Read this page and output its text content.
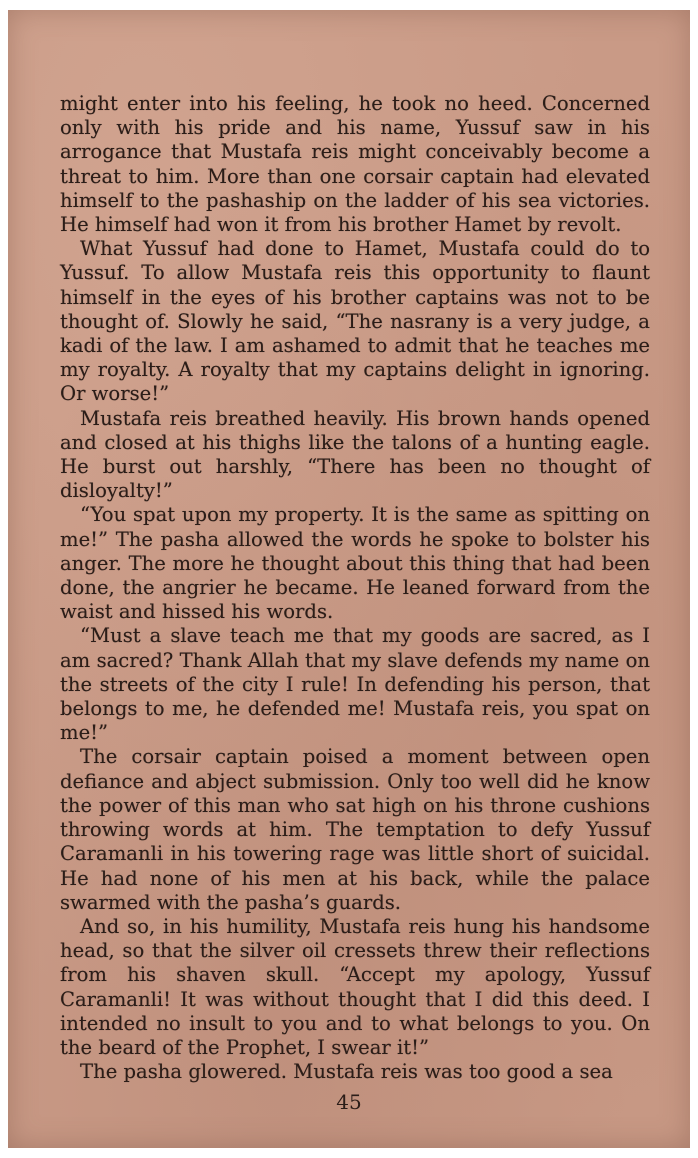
might enter into his feeling, he took no heed. Concerned only with his pride and his name, Yussuf saw in his arrogance that Mustafa reis might conceivably become a threat to him. More than one corsair captain had elevated himself to the pashaship on the ladder of his sea victories. He himself had won it from his brother Hamet by revolt.

What Yussuf had done to Hamet, Mustafa could do to Yussuf. To allow Mustafa reis this opportunity to flaunt himself in the eyes of his brother captains was not to be thought of. Slowly he said, “The nasrany is a very judge, a kadi of the law. I am ashamed to admit that he teaches me my royalty. A royalty that my captains delight in ignoring. Or worse!”

Mustafa reis breathed heavily. His brown hands opened and closed at his thighs like the talons of a hunting eagle. He burst out harshly, “There has been no thought of disloyalty!”

“You spat upon my property. It is the same as spitting on me!” The pasha allowed the words he spoke to bolster his anger. The more he thought about this thing that had been done, the angrier he became. He leaned forward from the waist and hissed his words.

“Must a slave teach me that my goods are sacred, as I am sacred? Thank Allah that my slave defends my name on the streets of the city I rule! In defending his person, that belongs to me, he defended me! Mustafa reis, you spat on me!”

The corsair captain poised a moment between open defiance and abject submission. Only too well did he know the power of this man who sat high on his throne cushions throwing words at him. The temptation to defy Yussuf Caramanli in his towering rage was little short of suicidal. He had none of his men at his back, while the palace swarmed with the pasha’s guards.

And so, in his humility, Mustafa reis hung his handsome head, so that the silver oil cressets threw their reflections from his shaven skull. “Accept my apology, Yussuf Caramanli! It was without thought that I did this deed. I intended no insult to you and to what belongs to you. On the beard of the Prophet, I swear it!”

The pasha glowered. Mustafa reis was too good a sea

45
